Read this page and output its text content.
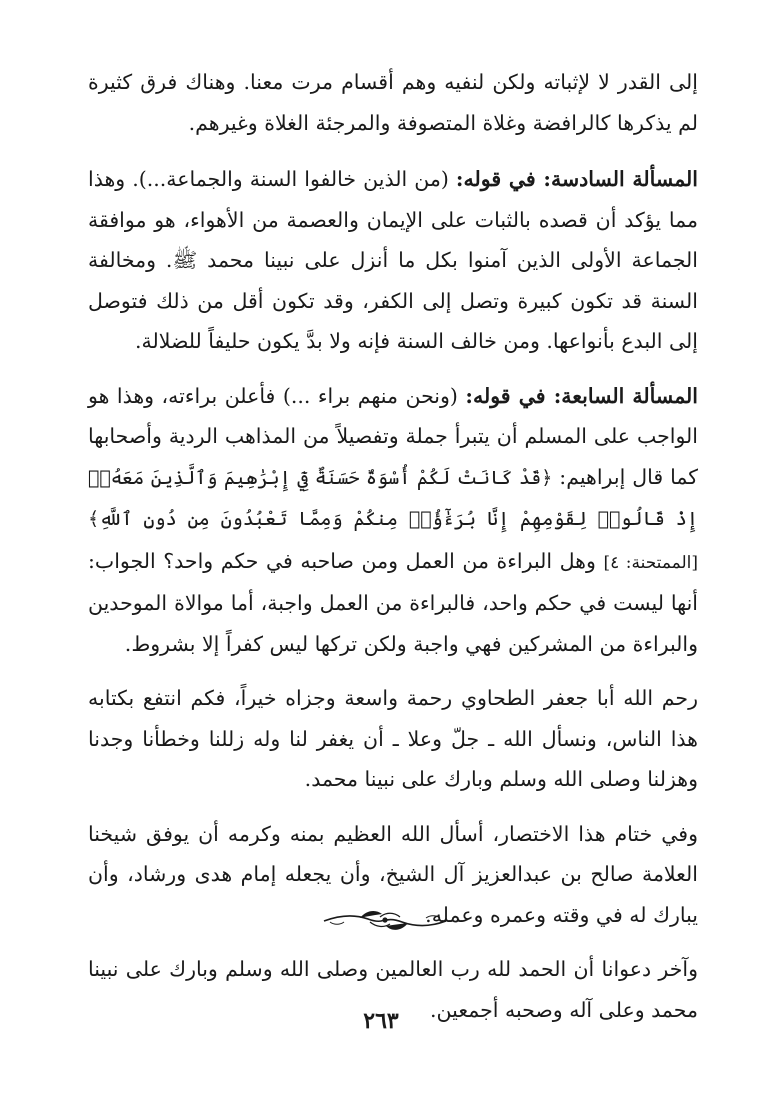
إلى القدر لا لإثباته ولكن لنفيه وهم أقسام مرت معنا. وهناك فرق كثيرة لم يذكرها كالرافضة وغلاة المتصوفة والمرجئة الغلاة وغيرهم.

المسألة السادسة: في قوله: (من الذين خالفوا السنة والجماعة...). وهذا مما يؤكد أن قصده بالثبات على الإيمان والعصمة من الأهواء، هو موافقة الجماعة الأولى الذين آمنوا بكل ما أنزل على نبينا محمد ﷺ. ومخالفة السنة قد تكون كبيرة وتصل إلى الكفر، وقد تكون أقل من ذلك فتوصل إلى البدع بأنواعها. ومن خالف السنة فإنه ولا بدَّ يكون حليفاً للضلالة.

المسألة السابعة: في قوله: (ونحن منهم براء ...) فأعلن براءته، وهذا هو الواجب على المسلم أن يتبرأ جملة وتفصيلاً من المذاهب الردية وأصحابها كما قال إبراهيم: ﴿قَدْ كَانَتْ لَكُمْ أُسْوَةٌ حَسَنَةٌ فِيٓ إِبْرَٰهِيمَ وَٱلَّذِينَ مَعَهُۥٓ إِذْ قَالُوا۟ لِقَوْمِهِمْ إِنَّا بُرَءَٰٓؤُا۟ مِنكُمْ وَمِمَّا تَعْبُدُونَ مِن دُونِ ٱللَّهِ﴾ [الممتحنة: ٤] وهل البراءة من العمل ومن صاحبه في حكم واحد؟ الجواب: أنها ليست في حكم واحد، فالبراءة من العمل واجبة، أما موالاة الموحدين والبراءة من المشركين فهي واجبة ولكن تركها ليس كفراً إلا بشروط.

رحم الله أبا جعفر الطحاوي رحمة واسعة وجزاه خيراً، فكم انتفع بكتابه هذا الناس، ونسأل الله ـ جلّ وعلا ـ أن يغفر لنا وله زللنا وخطأنا وجدنا وهزلنا وصلى الله وسلم وبارك على نبينا محمد.

وفي ختام هذا الاختصار، أسأل الله العظيم بمنه وكرمه أن يوفق شيخنا العلامة صالح بن عبدالعزيز آل الشيخ، وأن يجعله إمام هدى ورشاد، وأن يبارك له في وقته وعمره وعمله.

وآخر دعوانا أن الحمد لله رب العالمين وصلى الله وسلم وبارك على نبينا محمد وعلى آله وصحبه أجمعين.

٢٦٣
